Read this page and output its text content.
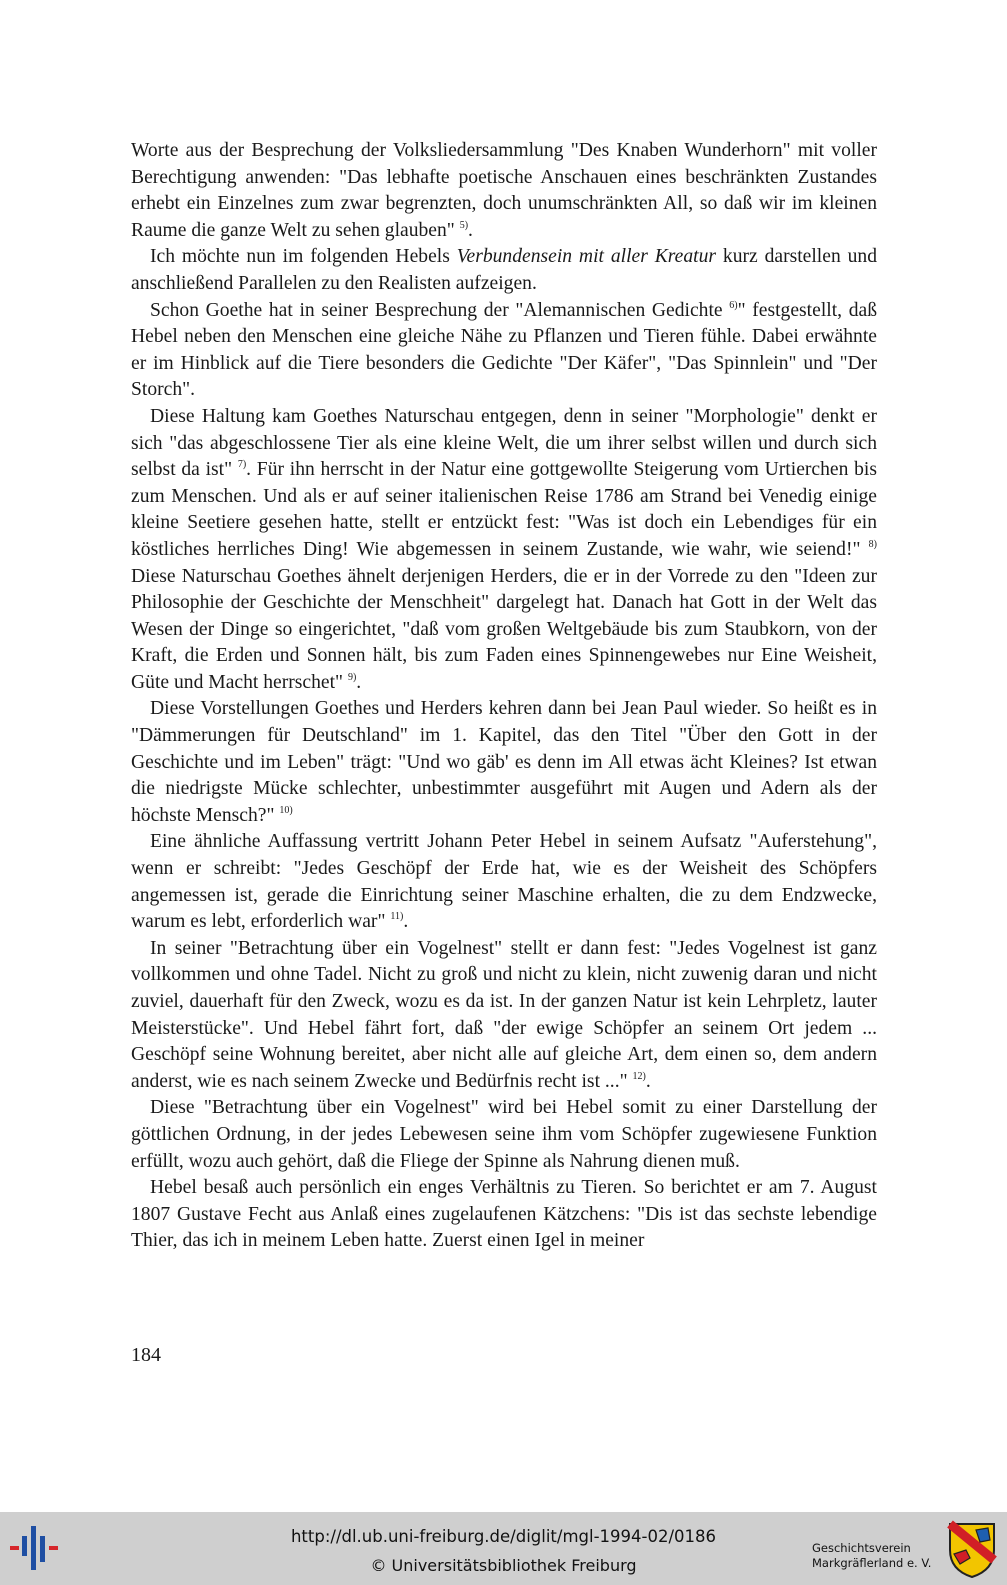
Worte aus der Besprechung der Volksliedersammlung "Des Knaben Wunderhorn" mit voller Berechtigung anwenden: "Das lebhafte poetische Anschauen eines beschränkten Zustandes erhebt ein Einzelnes zum zwar begrenzten, doch unumschränkten All, so daß wir im kleinen Raume die ganze Welt zu sehen glauben" $^{5)}$.

Ich möchte nun im folgenden Hebels Verbundensein mit aller Kreatur kurz darstellen und anschließend Parallelen zu den Realisten aufzeigen.

Schon Goethe hat in seiner Besprechung der "Alemannischen Gedichte $^{6)}$" festgestellt, daß Hebel neben den Menschen eine gleiche Nähe zu Pflanzen und Tieren fühle. Dabei erwähnte er im Hinblick auf die Tiere besonders die Gedichte "Der Käfer", "Das Spinnlein" und "Der Storch".

Diese Haltung kam Goethes Naturschau entgegen, denn in seiner "Morphologie" denkt er sich "das abgeschlossene Tier als eine kleine Welt, die um ihrer selbst willen und durch sich selbst da ist" $^{7)}$. Für ihn herrscht in der Natur eine gottgewollte Steigerung vom Urtierchen bis zum Menschen. Und als er auf seiner italienischen Reise 1786 am Strand bei Venedig einige kleine Seetiere gesehen hatte, stellt er entzückt fest: "Was ist doch ein Lebendiges für ein köstliches herrliches Ding! Wie abgemessen in seinem Zustande, wie wahr, wie seiend!" $^{8)}$ Diese Naturschau Goethes ähnelt derjenigen Herders, die er in der Vorrede zu den "Ideen zur Philosophie der Geschichte der Menschheit" dargelegt hat. Danach hat Gott in der Welt das Wesen der Dinge so eingerichtet, "daß vom großen Weltgebäude bis zum Staubkorn, von der Kraft, die Erden und Sonnen hält, bis zum Faden eines Spinnengewebes nur Eine Weisheit, Güte und Macht herrschet" $^{9)}$.

Diese Vorstellungen Goethes und Herders kehren dann bei Jean Paul wieder. So heißt es in "Dämmerungen für Deutschland" im 1. Kapitel, das den Titel "Über den Gott in der Geschichte und im Leben" trägt: "Und wo gäb' es denn im All etwas ächt Kleines? Ist etwan die niedrigste Mücke schlechter, unbestimmter ausgeführt mit Augen und Adern als der höchste Mensch?" $^{10)}$

Eine ähnliche Auffassung vertritt Johann Peter Hebel in seinem Aufsatz "Auferstehung", wenn er schreibt: "Jedes Geschöpf der Erde hat, wie es der Weisheit des Schöpfers angemessen ist, gerade die Einrichtung seiner Maschine erhalten, die zu dem Endzwecke, warum es lebt, erforderlich war" $^{11)}$.

In seiner "Betrachtung über ein Vogelnest" stellt er dann fest: "Jedes Vogelnest ist ganz vollkommen und ohne Tadel. Nicht zu groß und nicht zu klein, nicht zuwenig daran und nicht zuviel, dauerhaft für den Zweck, wozu es da ist. In der ganzen Natur ist kein Lehrpletz, lauter Meisterstücke". Und Hebel fährt fort, daß "der ewige Schöpfer an seinem Ort jedem ... Geschöpf seine Wohnung bereitet, aber nicht alle auf gleiche Art, dem einen so, dem andern anderst, wie es nach seinem Zwecke und Bedürfnis recht ist ..." $^{12)}$.

Diese "Betrachtung über ein Vogelnest" wird bei Hebel somit zu einer Darstellung der göttlichen Ordnung, in der jedes Lebewesen seine ihm vom Schöpfer zugewiesene Funktion erfüllt, wozu auch gehört, daß die Fliege der Spinne als Nahrung dienen muß.

Hebel besaß auch persönlich ein enges Verhältnis zu Tieren. So berichtet er am 7. August 1807 Gustave Fecht aus Anlaß eines zugelaufenen Kätzchens: "Dis ist das sechste lebendige Thier, das ich in meinem Leben hatte. Zuerst einen Igel in meiner

184
http://dl.ub.uni-freiburg.de/diglit/mgl-1994-02/0186
© Universitätsbibliothek Freiburg
Geschichtsverein
Markgräflerland e. V.
